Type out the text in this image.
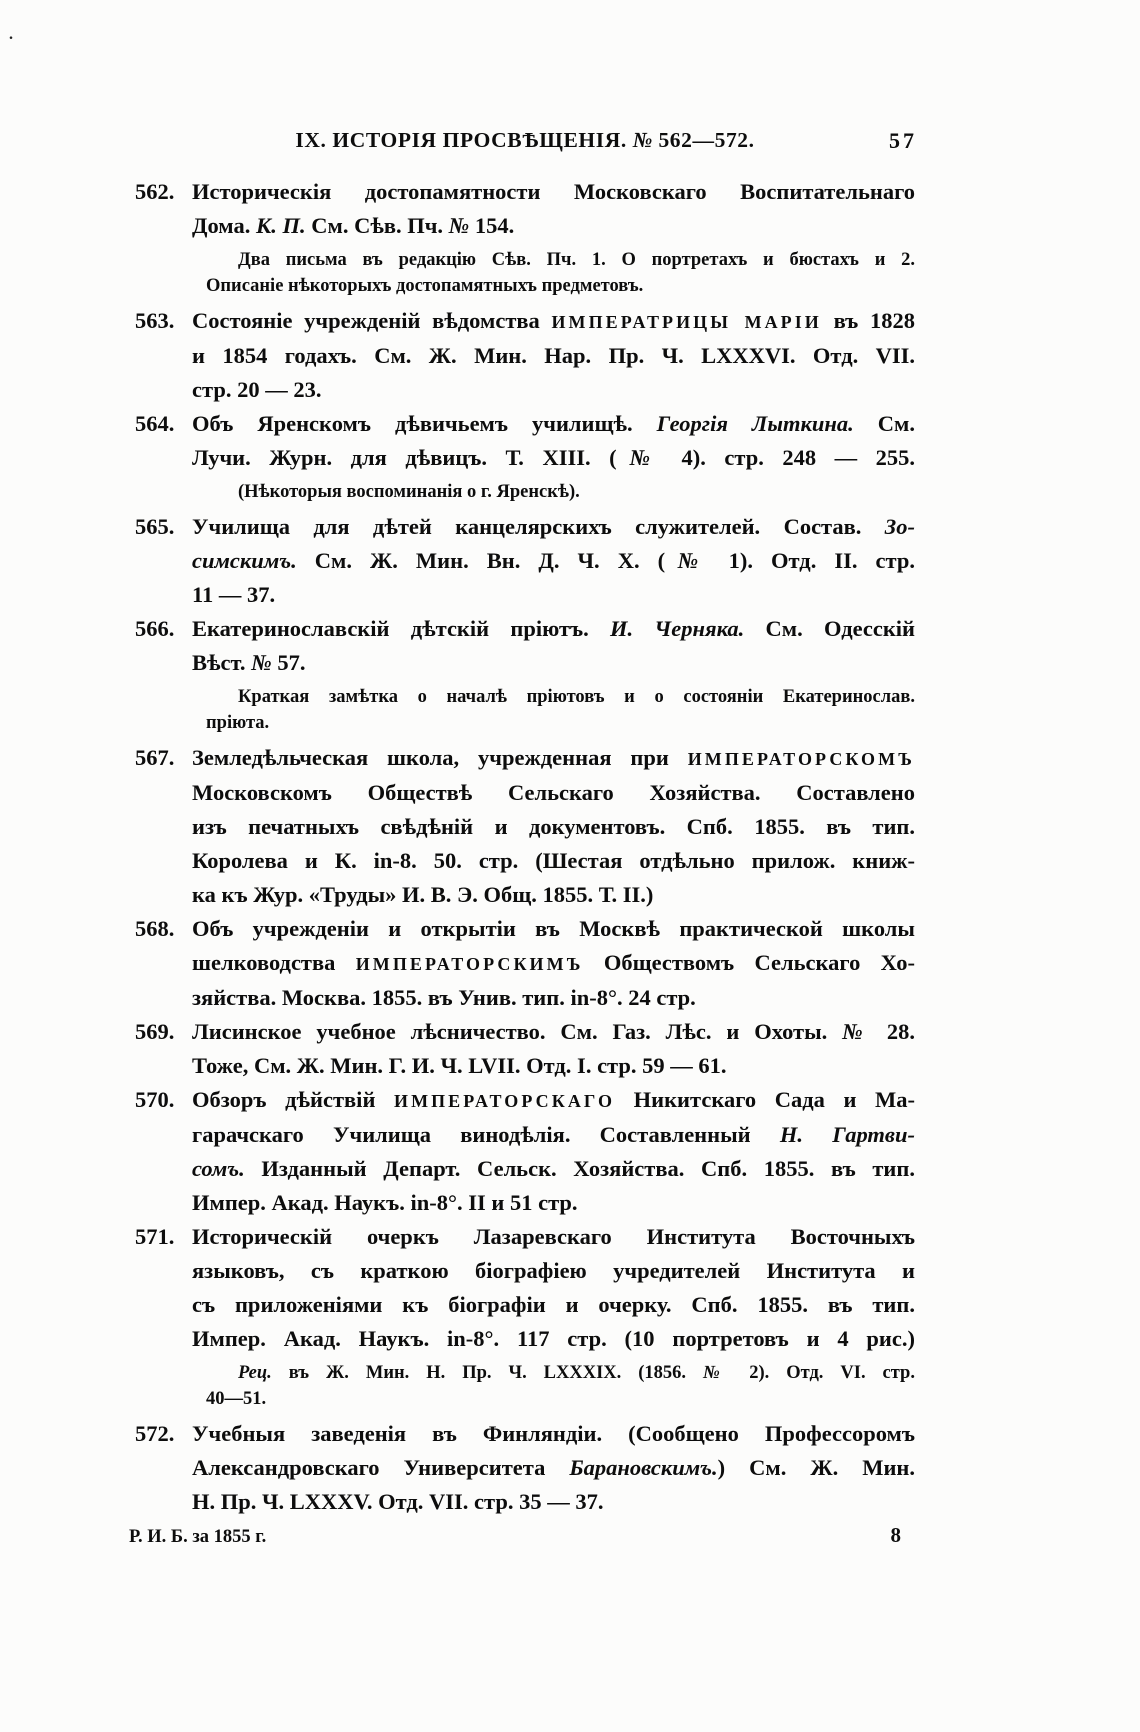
.
IX. ИСТОРІЯ ПРОСВѢЩЕНІЯ. № 562—572.	57
562. Историческія достопамятности Московскаго Воспитательнаго
Дома. К. П. См. Сѣв. Пч. № 154.
Два письма въ редакцію Сѣв. Пч. 1. О портретахъ и бюстахъ и 2.
Описаніе нѣкоторыхъ достопамятныхъ предметовъ.
563. Состояніе учрежденій вѣдомства ИМПЕРАТРИЦЫ МАРІИ въ 1828
и 1854 годахъ. См. Ж. Мин. Нар. Пр. Ч. LXXXVI. Отд. VII.
стр. 20 — 23.
564. Объ Яренскомъ дѣвичьемъ училищѣ. Георгія Лыткина. См.
Лучи. Журн. для дѣвицъ. Т. XIII. (№ 4). стр. 248 — 255.
(Нѣкоторыя воспоминанія о г. Яренскѣ).
565. Училища для дѣтей канцелярскихъ служителей. Состав. Зо-
симскимъ. См. Ж. Мин. Вн. Д. Ч. X. (№ 1). Отд. II. стр.
11 — 37.
566. Екатеринославскій дѣтскій пріютъ. И. Черняка. См. Одесскій
Вѣст. № 57.
Краткая замѣтка о началѣ пріютовъ и о состояніи Екатеринослав.
пріюта.
567. Земледѣльческая школа, учрежденная при ИМПЕРАТОРСКОМЪ
Московскомъ Обществѣ Сельскаго Хозяйства. Составлено
изъ печатныхъ свѣдѣній и документовъ. Спб. 1855. въ тип.
Королева и К. in-8. 50. стр. (Шестая отдѣльно прилож. книж-
ка къ Жур. «Труды» И. В. Э. Общ. 1855. Т. II.)
568. Объ учрежденіи и открытіи въ Москвѣ практической школы
шелководства ИМПЕРАТОРСКИМЪ Обществомъ Сельскаго Хо-
зяйства. Москва. 1855. въ Унив. тип. in-8°. 24 стр.
569. Лисинское учебное лѣсничество. См. Газ. Лѣс. и Охоты. № 28.
Тоже, См. Ж. Мин. Г. И. Ч. LVII. Отд. I. стр. 59 — 61.
570. Обзоръ дѣйствій ИМПЕРАТОРСКАГО Никитскаго Сада и Ма-
гарачскаго Училища винодѣлія. Составленный Н. Гартви-
сомъ. Изданный Департ. Сельск. Хозяйства. Спб. 1855. въ тип.
Импер. Акад. Наукъ. in-8°. II и 51 стр.
571. Историческій очеркъ Лазаревскаго Института Восточныхъ
языковъ, съ краткою біографіею учредителей Института и
съ приложеніями къ біографіи и очерку. Спб. 1855. въ тип.
Импер. Акад. Наукъ. in-8°. 117 стр. (10 портретовъ и 4 рис.)
Рец. въ Ж. Мин. Н. Пр. Ч. LXXXIX. (1856. № 2). Отд. VI. стр.
40—51.
572. Учебныя заведенія въ Финляндіи. (Сообщено Профессоромъ
Александровскаго Университета Барановскимъ.) См. Ж. Мин.
Н. Пр. Ч. LXXXV. Отд. VII. стр. 35 — 37.
Р. И. Б. за 1855 г.	8
